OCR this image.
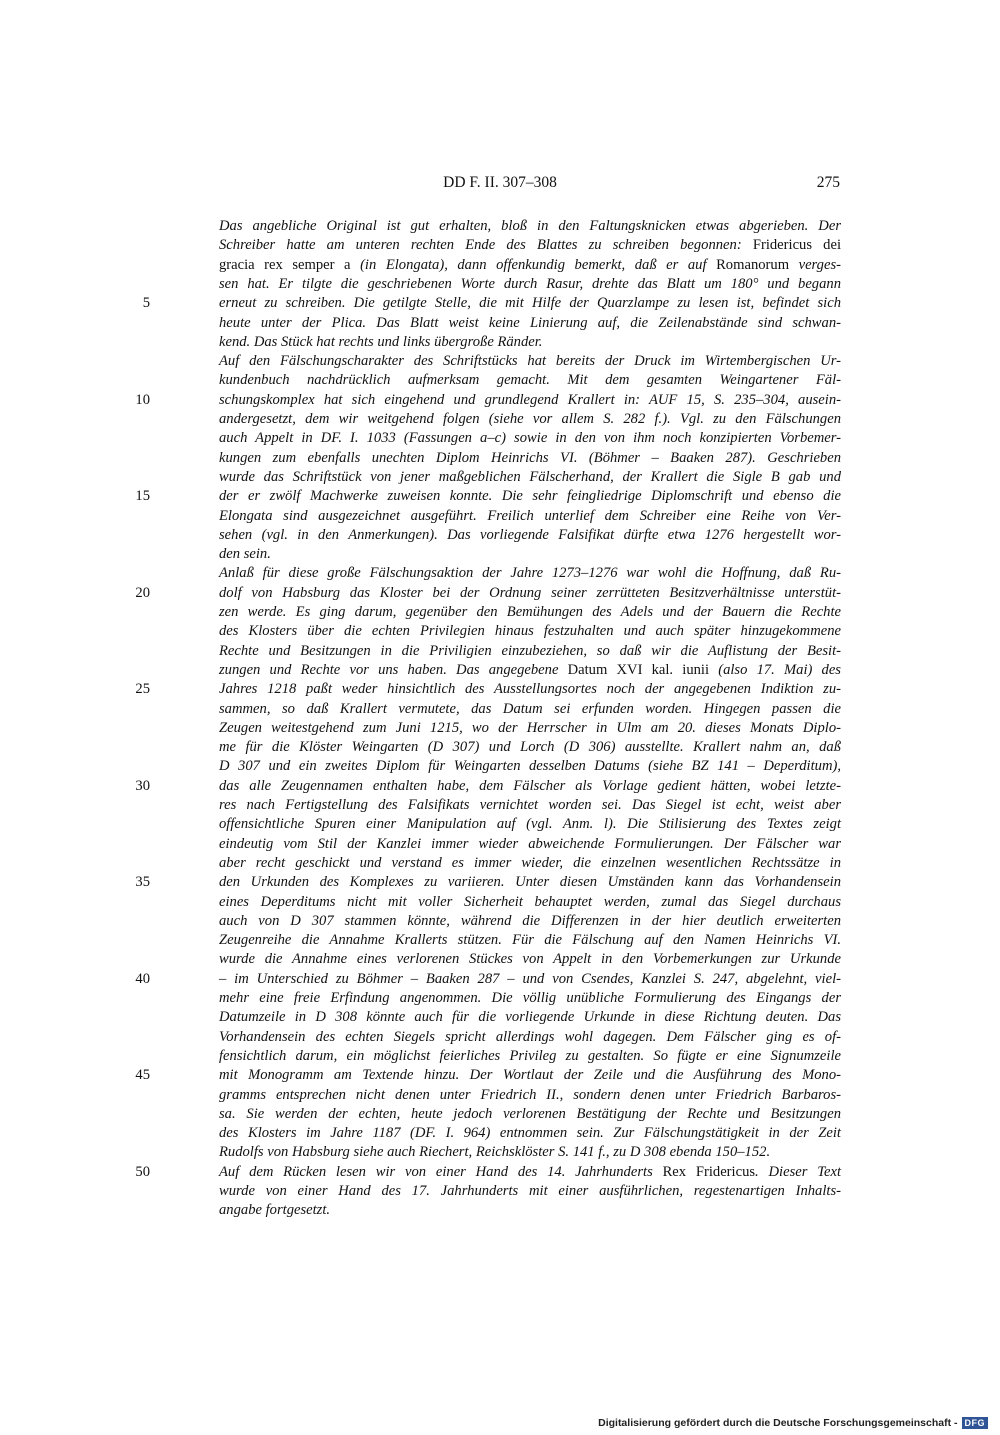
DD F. II. 307–308	275
Das angebliche Original ist gut erhalten, bloß in den Faltungsknicken etwas abgerieben. Der
Schreiber hatte am unteren rechten Ende des Blattes zu schreiben begonnen: Fridericus dei
gracia rex semper a (in Elongata), dann offenkundig bemerkt, daß er auf Romanorum verges-
sen hat. Er tilgte die geschriebenen Worte durch Rasur, drehte das Blatt um 180° und begann
erneut zu schreiben. Die getilgte Stelle, die mit Hilfe der Quarzlampe zu lesen ist, befindet sich
heute unter der Plica. Das Blatt weist keine Linierung auf, die Zeilenabstände sind schwan-
kend. Das Stück hat rechts und links übergroße Ränder.
Auf den Fälschungscharakter des Schriftstücks hat bereits der Druck im Wirtembergischen Ur-
kundenbuch nachdrücklich aufmerksam gemacht. Mit dem gesamten Weingartener Fäl-
schungskomplex hat sich eingehend und grundlegend Krallert in: AUF 15, S. 235–304, ausein-
andergesetzt, dem wir weitgehend folgen (siehe vor allem S. 282 f.). Vgl. zu den Fälschungen
auch Appelt in DF. I. 1033 (Fassungen a–c) sowie in den von ihm noch konzipierten Vorbemer-
kungen zum ebenfalls unechten Diplom Heinrichs VI. (Böhmer – Baaken 287). Geschrieben
wurde das Schriftstück von jener maßgeblichen Fälscherhand, der Krallert die Sigle B gab und
der er zwölf Machwerke zuweisen konnte. Die sehr feingliedrige Diplomschrift und ebenso die
Elongata sind ausgezeichnet ausgeführt. Freilich unterlief dem Schreiber eine Reihe von Ver-
sehen (vgl. in den Anmerkungen). Das vorliegende Falsifikat dürfte etwa 1276 hergestellt wor-
den sein.
Anlaß für diese große Fälschungsaktion der Jahre 1273–1276 war wohl die Hoffnung, daß Ru-
dolf von Habsburg das Kloster bei der Ordnung seiner zerrütteten Besitzverhältnisse unterstüt-
zen werde. Es ging darum, gegenüber den Bemühungen des Adels und der Bauern die Rechte
des Klosters über die echten Privilegien hinaus festzuhalten und auch später hinzugekommene
Rechte und Besitzungen in die Priviligien einzubeziehen, so daß wir die Auflistung der Besit-
zungen und Rechte vor uns haben. Das angegebene Datum XVI kal. iunii (also 17. Mai) des
Jahres 1218 paßt weder hinsichtlich des Ausstellungsortes noch der angegebenen Indiktion zu-
sammen, so daß Krallert vermutete, das Datum sei erfunden worden. Hingegen passen die
Zeugen weitestgehend zum Juni 1215, wo der Herrscher in Ulm am 20. dieses Monats Diplo-
me für die Klöster Weingarten (D 307) und Lorch (D 306) ausstellte. Krallert nahm an, daß
D 307 und ein zweites Diplom für Weingarten desselben Datums (siehe BZ 141 – Deperditum),
das alle Zeugennamen enthalten habe, dem Fälscher als Vorlage gedient hätten, wobei letzte-
res nach Fertigstellung des Falsifikats vernichtet worden sei. Das Siegel ist echt, weist aber
offensichtliche Spuren einer Manipulation auf (vgl. Anm. l). Die Stilisierung des Textes zeigt
eindeutig vom Stil der Kanzlei immer wieder abweichende Formulierungen. Der Fälscher war
aber recht geschickt und verstand es immer wieder, die einzelnen wesentlichen Rechtssätze in
den Urkunden des Komplexes zu variieren. Unter diesen Umständen kann das Vorhandensein
eines Deperditums nicht mit voller Sicherheit behauptet werden, zumal das Siegel durchaus
auch von D 307 stammen könnte, während die Differenzen in der hier deutlich erweiterten
Zeugenreihe die Annahme Krallerts stützen. Für die Fälschung auf den Namen Heinrichs VI.
wurde die Annahme eines verlorenen Stückes von Appelt in den Vorbemerkungen zur Urkunde
– im Unterschied zu Böhmer – Baaken 287 – und von Csendes, Kanzlei S. 247, abgelehnt, viel-
mehr eine freie Erfindung angenommen. Die völlig unübliche Formulierung des Eingangs der
Datumzeile in D 308 könnte auch für die vorliegende Urkunde in diese Richtung deuten. Das
Vorhandensein des echten Siegels spricht allerdings wohl dagegen. Dem Fälscher ging es of-
fensichtlich darum, ein möglichst feierliches Privileg zu gestalten. So fügte er eine Signumzeile
mit Monogramm am Textende hinzu. Der Wortlaut der Zeile und die Ausführung des Mono-
gramms entsprechen nicht denen unter Friedrich II., sondern denen unter Friedrich Barbaros-
sa. Sie werden der echten, heute jedoch verlorenen Bestätigung der Rechte und Besitzungen
des Klosters im Jahre 1187 (DF. I. 964) entnommen sein. Zur Fälschungstätigkeit in der Zeit
Rudolfs von Habsburg siehe auch Riechert, Reichsklöster S. 141 f., zu D 308 ebenda 150–152.
Auf dem Rücken lesen wir von einer Hand des 14. Jahrhunderts Rex Fridericus. Dieser Text
wurde von einer Hand des 17. Jahrhunderts mit einer ausführlichen, regestenartigen Inhalts-
angabe fortgesetzt.
5
10
15
20
25
30
35
40
45
50
Digitalisierung gefördert durch die Deutsche Forschungsgemeinschaft - DFG
